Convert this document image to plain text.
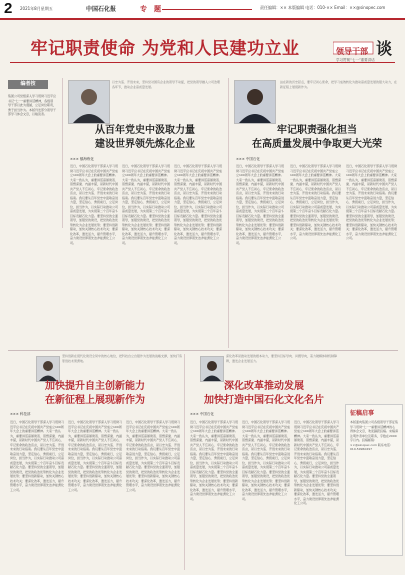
2 2021年8月星期五	中国石化报	专　题	责任编辑：×× 本版编辑 电话：010-×× Email：××@sinopec.com
牢记职责使命 为党和人民建功立业	领导干部 谈
学习贯彻“七一”重要讲话
编者按
集团公司党组深入学习贯彻习近平总书记“七一”重要讲话精神，各级领导干部以此为遵循，立足岗位职责，勇于担当作为。本版刊发部分领导干部学习体会文章，以飨读者。
以史为鉴、开创未来，坚持党对国有企业的领导不动摇，把党的领导融入公司治理各环节，推动企业高质量发展。
从百年党史中汲取力量
建设世界领先炼化企业
××× 镇海炼化
近日，中国石化领导干部深入学习贯彻习近平总书记在庆祝中国共产党成立100周年大会上的重要讲话精神。大家一致认为，重要讲话高屋建瓴、思想深邃、内涵丰富，是新时代中国共产党人不忘初心、牢记使命的政治宣言，是以史为鉴、开创未来的行动指南。我们要从百年党史中汲取奋进力量，坚定信心、勇毅前行，立足岗位，担当作为，以实际行动推动公司高质量发展，为实现第二个百年奋斗目标贡献石化力量。要坚持党的全面领导，加强党的建设，把党的政治优势转化为企业发展优势；要坚持创新驱动，加快关键核心技术攻关；要深化改革，激发活力，提升管理水平，奋力建设世界领先洁净能源化工公司。
近日，中国石化领导干部深入学习贯彻习近平总书记在庆祝中国共产党成立100周年大会上的重要讲话精神。大家一致认为，重要讲话高屋建瓴、思想深邃、内涵丰富，是新时代中国共产党人不忘初心、牢记使命的政治宣言，是以史为鉴、开创未来的行动指南。我们要从百年党史中汲取奋进力量，坚定信心、勇毅前行，立足岗位，担当作为，以实际行动推动公司高质量发展，为实现第二个百年奋斗目标贡献石化力量。要坚持党的全面领导，加强党的建设，把党的政治优势转化为企业发展优势；要坚持创新驱动，加快关键核心技术攻关；要深化改革，激发活力，提升管理水平，奋力建设世界领先洁净能源化工公司。
近日，中国石化领导干部深入学习贯彻习近平总书记在庆祝中国共产党成立100周年大会上的重要讲话精神。大家一致认为，重要讲话高屋建瓴、思想深邃、内涵丰富，是新时代中国共产党人不忘初心、牢记使命的政治宣言，是以史为鉴、开创未来的行动指南。我们要从百年党史中汲取奋进力量，坚定信心、勇毅前行，立足岗位，担当作为，以实际行动推动公司高质量发展，为实现第二个百年奋斗目标贡献石化力量。要坚持党的全面领导，加强党的建设，把党的政治优势转化为企业发展优势；要坚持创新驱动，加快关键核心技术攻关；要深化改革，激发活力，提升管理水平，奋力建设世界领先洁净能源化工公司。
站在新的历史起点，要牢记初心使命，把学习成效转化为推动高质量发展的强大动力，在新征程上展现新作为。
牢记职责强化担当
在高质量发展中争取更大光荣
××× 中国石化
近日，中国石化领导干部深入学习贯彻习近平总书记在庆祝中国共产党成立100周年大会上的重要讲话精神。大家一致认为，重要讲话高屋建瓴、思想深邃、内涵丰富，是新时代中国共产党人不忘初心、牢记使命的政治宣言，是以史为鉴、开创未来的行动指南。我们要从百年党史中汲取奋进力量，坚定信心、勇毅前行，立足岗位，担当作为，以实际行动推动公司高质量发展，为实现第二个百年奋斗目标贡献石化力量。要坚持党的全面领导，加强党的建设，把党的政治优势转化为企业发展优势；要坚持创新驱动，加快关键核心技术攻关；要深化改革，激发活力，提升管理水平，奋力建设世界领先洁净能源化工公司。
近日，中国石化领导干部深入学习贯彻习近平总书记在庆祝中国共产党成立100周年大会上的重要讲话精神。大家一致认为，重要讲话高屋建瓴、思想深邃、内涵丰富，是新时代中国共产党人不忘初心、牢记使命的政治宣言，是以史为鉴、开创未来的行动指南。我们要从百年党史中汲取奋进力量，坚定信心、勇毅前行，立足岗位，担当作为，以实际行动推动公司高质量发展，为实现第二个百年奋斗目标贡献石化力量。要坚持党的全面领导，加强党的建设，把党的政治优势转化为企业发展优势；要坚持创新驱动，加快关键核心技术攻关；要深化改革，激发活力，提升管理水平，奋力建设世界领先洁净能源化工公司。
近日，中国石化领导干部深入学习贯彻习近平总书记在庆祝中国共产党成立100周年大会上的重要讲话精神。大家一致认为，重要讲话高屋建瓴、思想深邃、内涵丰富，是新时代中国共产党人不忘初心、牢记使命的政治宣言，是以史为鉴、开创未来的行动指南。我们要从百年党史中汲取奋进力量，坚定信心、勇毅前行，立足岗位，担当作为，以实际行动推动公司高质量发展，为实现第二个百年奋斗目标贡献石化力量。要坚持党的全面领导，加强党的建设，把党的政治优势转化为企业发展优势；要坚持创新驱动，加快关键核心技术攻关；要深化改革，激发活力，提升管理水平，奋力建设世界领先洁净能源化工公司。
坚持创新在现代化建设全局中的核心地位，把科技自立自强作为发展的战略支撑，加快打造原创技术策源地。
加快提升自主创新能力
在新征程上展现新作为
××× 科技部
近日，中国石化领导干部深入学习贯彻习近平总书记在庆祝中国共产党成立100周年大会上的重要讲话精神。大家一致认为，重要讲话高屋建瓴、思想深邃、内涵丰富，是新时代中国共产党人不忘初心、牢记使命的政治宣言，是以史为鉴、开创未来的行动指南。我们要从百年党史中汲取奋进力量，坚定信心、勇毅前行，立足岗位，担当作为，以实际行动推动公司高质量发展，为实现第二个百年奋斗目标贡献石化力量。要坚持党的全面领导，加强党的建设，把党的政治优势转化为企业发展优势；要坚持创新驱动，加快关键核心技术攻关；要深化改革，激发活力，提升管理水平，奋力建设世界领先洁净能源化工公司。
近日，中国石化领导干部深入学习贯彻习近平总书记在庆祝中国共产党成立100周年大会上的重要讲话精神。大家一致认为，重要讲话高屋建瓴、思想深邃、内涵丰富，是新时代中国共产党人不忘初心、牢记使命的政治宣言，是以史为鉴、开创未来的行动指南。我们要从百年党史中汲取奋进力量，坚定信心、勇毅前行，立足岗位，担当作为，以实际行动推动公司高质量发展，为实现第二个百年奋斗目标贡献石化力量。要坚持党的全面领导，加强党的建设，把党的政治优势转化为企业发展优势；要坚持创新驱动，加快关键核心技术攻关；要深化改革，激发活力，提升管理水平，奋力建设世界领先洁净能源化工公司。
近日，中国石化领导干部深入学习贯彻习近平总书记在庆祝中国共产党成立100周年大会上的重要讲话精神。大家一致认为，重要讲话高屋建瓴、思想深邃、内涵丰富，是新时代中国共产党人不忘初心、牢记使命的政治宣言，是以史为鉴、开创未来的行动指南。我们要从百年党史中汲取奋进力量，坚定信心、勇毅前行，立足岗位，担当作为，以实际行动推动公司高质量发展，为实现第二个百年奋斗目标贡献石化力量。要坚持党的全面领导，加强党的建设，把党的政治优势转化为企业发展优势；要坚持创新驱动，加快关键核心技术攻关；要深化改革，激发活力，提升管理水平，奋力建设世界领先洁净能源化工公司。
深化改革是推动发展的根本动力，要坚持目标导向、问题导向，着力破解体制机制障碍，激发企业发展活力。
深化改革推动发展
加快打造中国石化文化名片
××× 中国石化
近日，中国石化领导干部深入学习贯彻习近平总书记在庆祝中国共产党成立100周年大会上的重要讲话精神。大家一致认为，重要讲话高屋建瓴、思想深邃、内涵丰富，是新时代中国共产党人不忘初心、牢记使命的政治宣言，是以史为鉴、开创未来的行动指南。我们要从百年党史中汲取奋进力量，坚定信心、勇毅前行，立足岗位，担当作为，以实际行动推动公司高质量发展，为实现第二个百年奋斗目标贡献石化力量。要坚持党的全面领导，加强党的建设，把党的政治优势转化为企业发展优势；要坚持创新驱动，加快关键核心技术攻关；要深化改革，激发活力，提升管理水平，奋力建设世界领先洁净能源化工公司。
近日，中国石化领导干部深入学习贯彻习近平总书记在庆祝中国共产党成立100周年大会上的重要讲话精神。大家一致认为，重要讲话高屋建瓴、思想深邃、内涵丰富，是新时代中国共产党人不忘初心、牢记使命的政治宣言，是以史为鉴、开创未来的行动指南。我们要从百年党史中汲取奋进力量，坚定信心、勇毅前行，立足岗位，担当作为，以实际行动推动公司高质量发展，为实现第二个百年奋斗目标贡献石化力量。要坚持党的全面领导，加强党的建设，把党的政治优势转化为企业发展优势；要坚持创新驱动，加快关键核心技术攻关；要深化改革，激发活力，提升管理水平，奋力建设世界领先洁净能源化工公司。
近日，中国石化领导干部深入学习贯彻习近平总书记在庆祝中国共产党成立100周年大会上的重要讲话精神。大家一致认为，重要讲话高屋建瓴、思想深邃、内涵丰富，是新时代中国共产党人不忘初心、牢记使命的政治宣言，是以史为鉴、开创未来的行动指南。我们要从百年党史中汲取奋进力量，坚定信心、勇毅前行，立足岗位，担当作为，以实际行动推动公司高质量发展，为实现第二个百年奋斗目标贡献石化力量。要坚持党的全面领导，加强党的建设，把党的政治优势转化为企业发展优势；要坚持创新驱动，加快关键核心技术攻关；要深化改革，激发活力，提升管理水平，奋力建设世界领先洁净能源化工公司。
征稿启事
本版面向集团公司各级领导干部征集学习贯彻“七一”重要讲话精神的心得体会文章，欢迎踊跃投稿。来稿请注明作者单位及职务，字数在2000字以内。投稿邮箱：××@sinopec.com 联系电话：010-59960297
